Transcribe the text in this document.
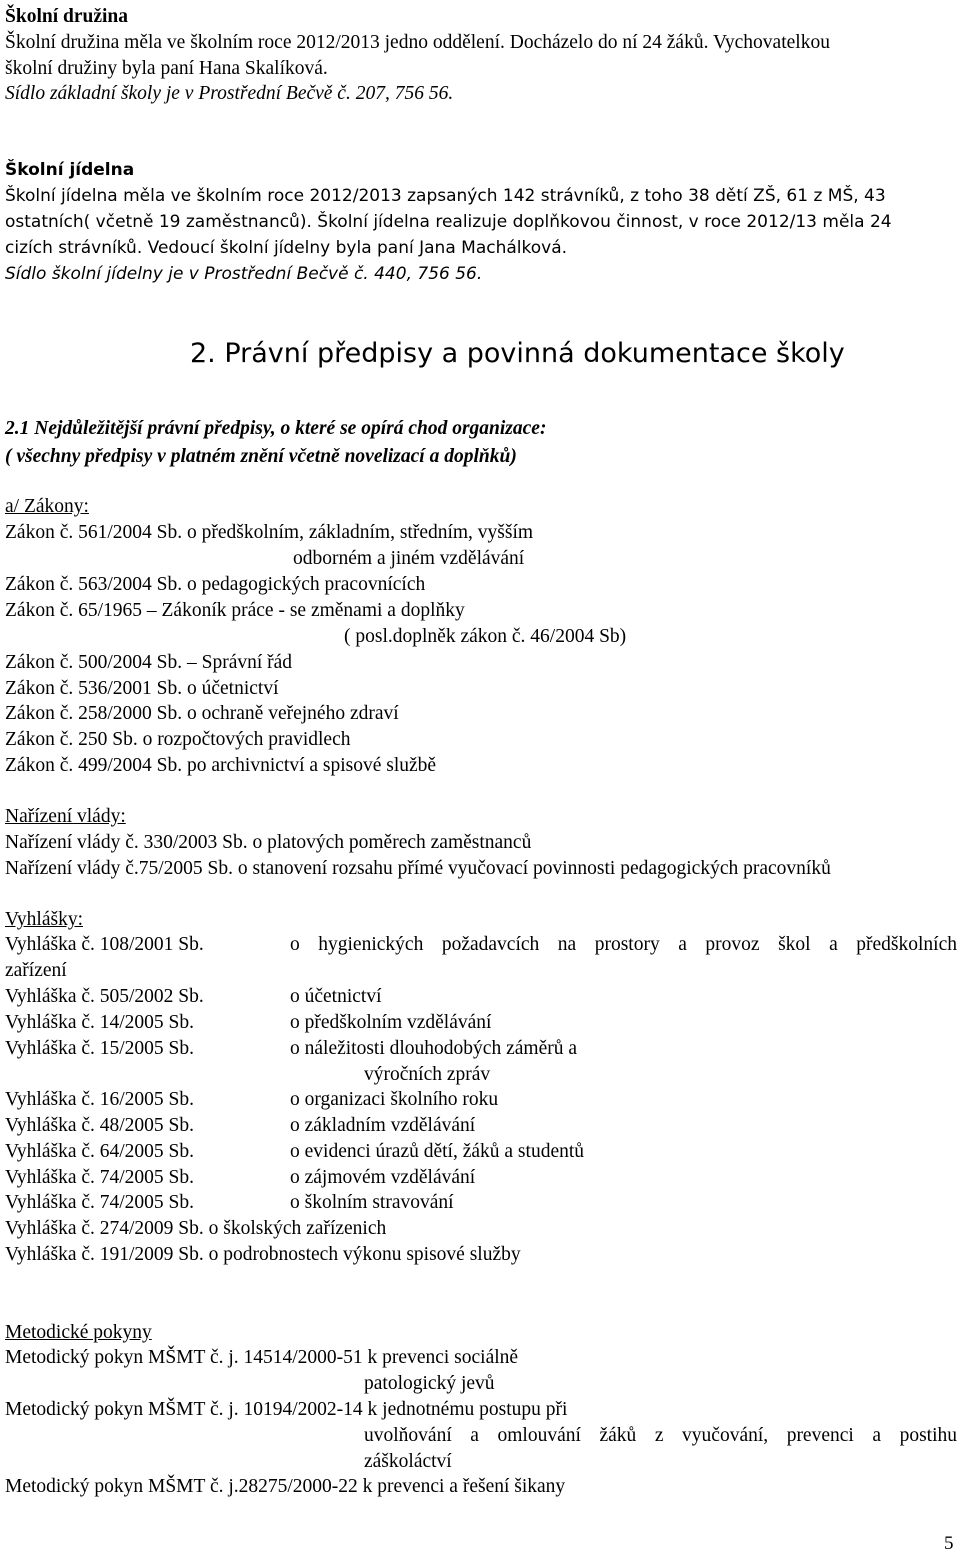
Školní družina
Školní družina měla ve školním roce 2012/2013 jedno oddělení. Docházelo do ní 24 žáků. Vychovatelkou
školní družiny byla paní Hana Skalíková.
Sídlo základní školy je v Prostřední Bečvě č. 207, 756 56.
Školní jídelna
Školní jídelna měla ve školním roce 2012/2013 zapsaných 142 strávníků, z toho 38 dětí ZŠ, 61 z MŠ, 43
ostatních( včetně 19 zaměstnanců). Školní jídelna realizuje doplňkovou činnost, v roce 2012/13 měla 24
cizích strávníků. Vedoucí školní jídelny byla paní Jana Machálková.
Sídlo školní jídelny je v Prostřední Bečvě č. 440, 756 56.
2. Právní předpisy a povinná dokumentace školy
2.1 Nejdůležitější právní předpisy, o které se opírá chod organizace:
( všechny předpisy v platném znění včetně novelizací a doplňků)
a/ Zákony:
Zákon č. 561/2004 Sb. o předškolním, základním, středním, vyšším
odborném a jiném vzdělávání
Zákon č. 563/2004 Sb. o pedagogických pracovnících
Zákon č. 65/1965 – Zákoník práce - se změnami a doplňky
( posl.doplněk zákon č. 46/2004 Sb)
Zákon č. 500/2004 Sb. – Správní řád
Zákon č. 536/2001 Sb. o účetnictví
Zákon č. 258/2000 Sb. o ochraně veřejného zdraví
Zákon č. 250 Sb. o rozpočtových pravidlech
Zákon č. 499/2004 Sb. po archivnictví a spisové službě
Nařízení vlády:
Nařízení vlády č. 330/2003 Sb. o platových poměrech zaměstnanců
Nařízení vlády č.75/2005 Sb. o stanovení rozsahu přímé vyučovací povinnosti pedagogických pracovníků
Vyhlášky:
Vyhláška č. 108/2001 Sb.	o hygienických požadavcích na prostory a provoz škol a předškolních
zařízení
Vyhláška č. 505/2002 Sb.	o účetnictví
Vyhláška č. 14/2005 Sb.	o předškolním vzdělávání
Vyhláška č. 15/2005 Sb.	o náležitosti dlouhodobých záměrů a
výročních zpráv
Vyhláška č. 16/2005 Sb.	o organizaci školního roku
Vyhláška č. 48/2005 Sb.	o základním vzdělávání
Vyhláška č. 64/2005 Sb.	o evidenci úrazů dětí, žáků a studentů
Vyhláška č. 74/2005 Sb.	o zájmovém vzdělávání
Vyhláška č. 74/2005 Sb.	o školním stravování
Vyhláška č. 274/2009 Sb. o školských zařízenich
Vyhláška č. 191/2009 Sb. o podrobnostech výkonu spisové služby
Metodické pokyny
Metodický pokyn MŠMT č. j. 14514/2000-51 k prevenci sociálně
patologický jevů
Metodický pokyn MŠMT č. j. 10194/2002-14 k jednotnému postupu při
uvolňování a omlouvání žáků z vyučování, prevenci a postihu
záškoláctví
Metodický pokyn MŠMT č. j.28275/2000-22 k prevenci a řešení šikany
5
